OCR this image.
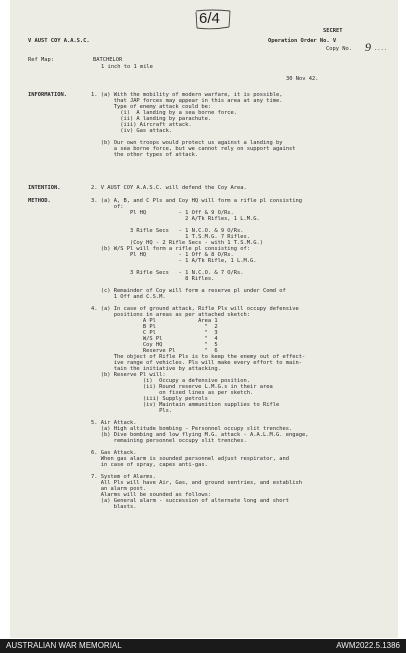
6/4
SECRET
V AUST COY A.A.S.C.	Operation Order No. V
Copy No. 9 ....
Ref Map:	BATCHELOR
1 inch to 1 mile
30 Nov 42.
INFORMATION.	1. (a) With the mobility of modern warfare, it is possible,
that JAP forces may appear in this area at any time.
Type of enemy attack could be:
(i)  A landing by a sea borne force.
(ii) A landing by parachute.
(iii) Aircraft attack.
(iv) Gas attack.
(b) Our own troops would protect us against a landing by
a sea borne force, but we cannot rely on support against
the other types of attack.
INTENTION.	2. V AUST COY A.A.S.C. will defend the Coy Area.
METHOD.	3. (a) A, B, and C Pls and Coy HQ will form a rifle pl consisting
of:
Pl HQ          - 1 Off & 9 O/Rs.
2 A/Tk Rifles, 1 L.M.G.
3 Rifle Secs   - 1 N.C.O. & 9 O/Rs.
1 T.S.M.G. 7 Rifles.
(Coy HQ - 2 Rifle Secs - with 1 T.S.M.G.)
(b) W/S Pl will form a rifle pl consisting of:
Pl HQ          - 1 Off & 8 O/Rs.
- 1 A/Tk Rifle, 1 L.M.G.
3 Rifle Secs   - 1 N.C.O. & 7 O/Rs.
8 Rifles.
(c) Remainder of Coy will form a reserve pl under Comd of
1 Off and C.S.M.
4. (a) In case of ground attack, Rifle Pls will occupy defensive
positions in areas as per attached sketch:
A Pl             Area 1
B Pl               "  2
C Pl               "  3
W/S Pl             "  4
Coy HQ             "  5
Reserve Pl         "  6
The object of Rifle Pls is to keep the enemy out of effect-
ive range of vehicles. Pls will make every effort to main-
tain the initiative by attacking.
(b) Reserve Pl will:
(i)  Occupy a defensive position.
(ii) Round reserve L.M.G.s in their area
on fixed lines as per sketch.
(iii) Supply petrols
(iv) Maintain ammunition supplies to Rifle
Pls.
5. Air Attack.
(a) High altitude bombing - Personnel occupy slit trenches.
(b) Dive bombing and low flying M.G. attack - A.A.L.M.G. engage,
remaining personnel occupy slit trenches.
6. Gas Attack.
When gas alarm is sounded personnel adjust respirator, and
in case of spray, capes anti-gas.
7. System of Alarms.
All Pls will have Air, Gas, and ground sentries, and establish
an alarm post.
Alarms will be sounded as follows:
(a) General alarm - succession of alternate long and short
blasts.
AUSTRALIAN WAR MEMORIAL	AWM2022.5.1386
